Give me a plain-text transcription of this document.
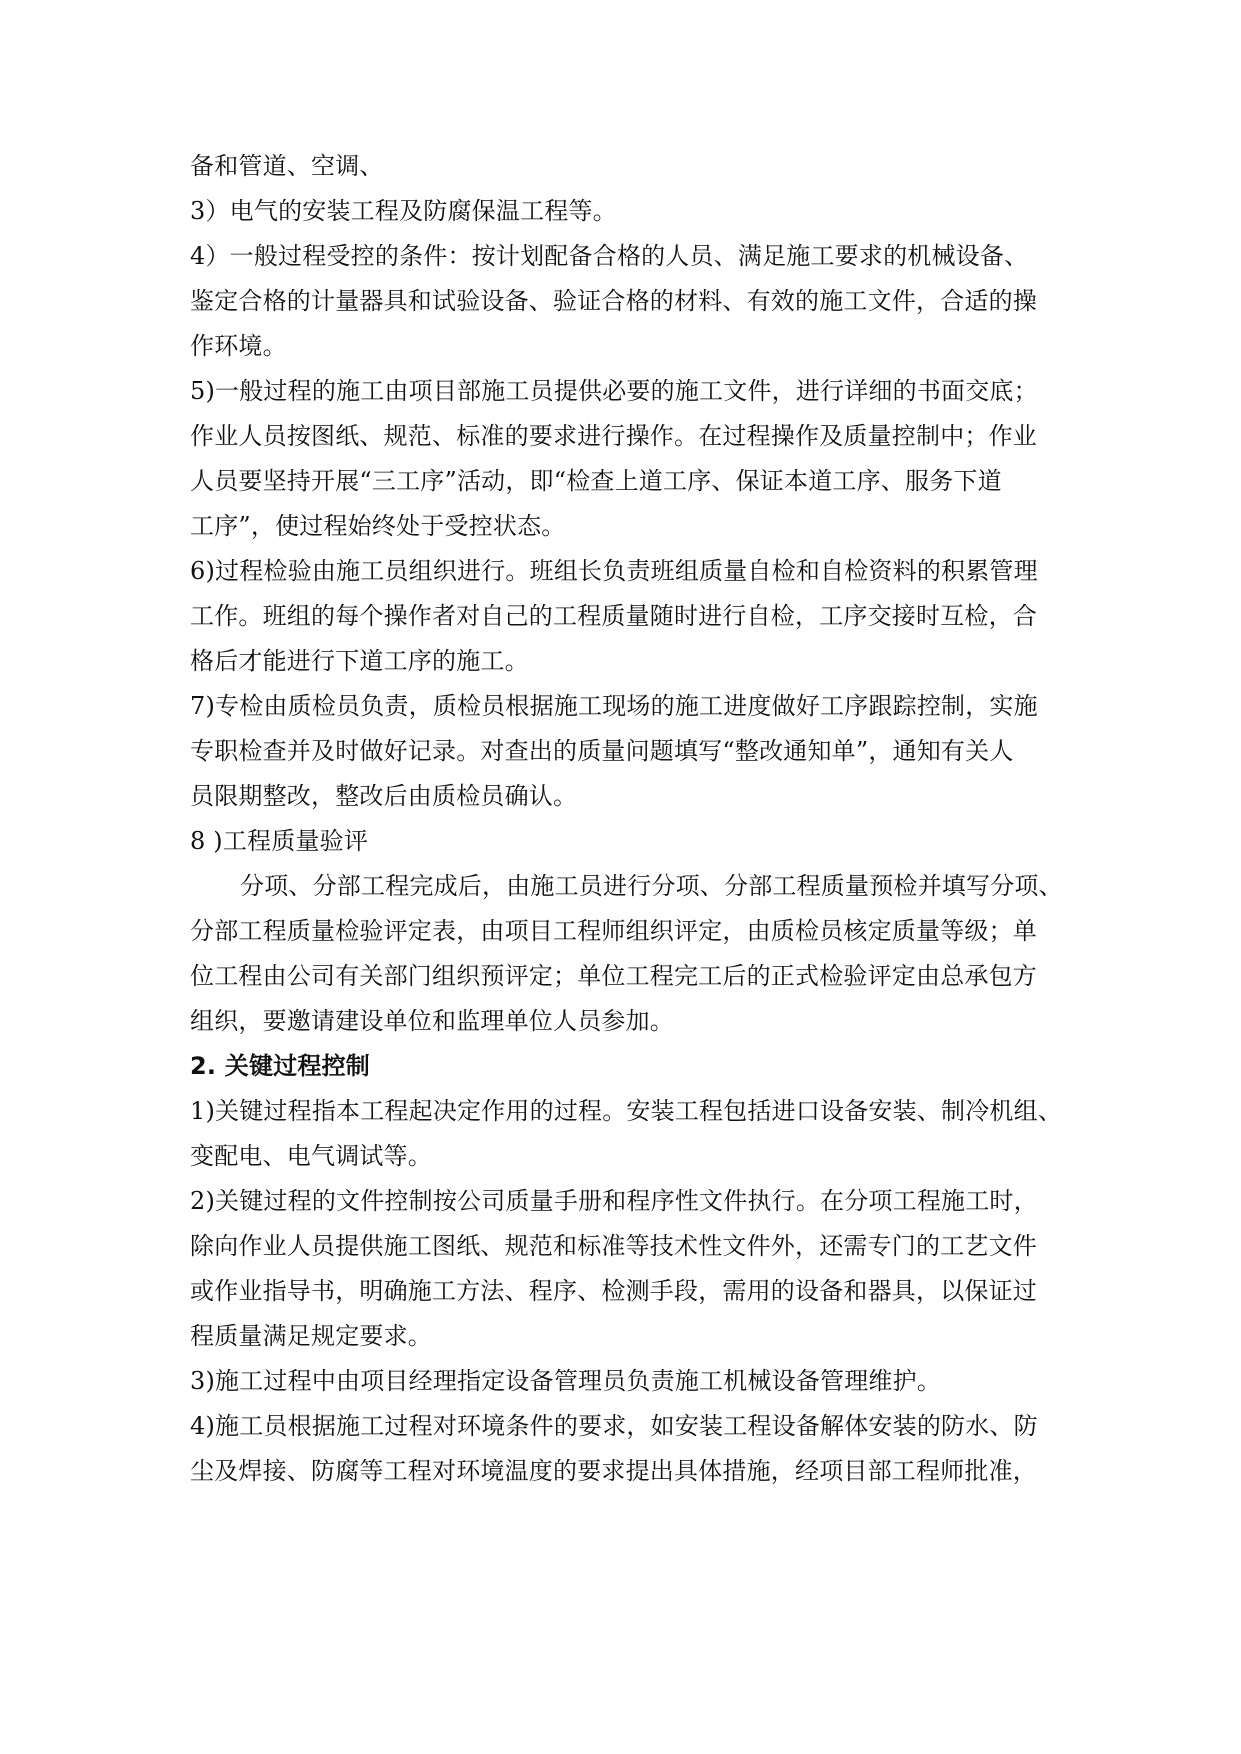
备和管道、空调、
3）电气的安装工程及防腐保温工程等。
4）一般过程受控的条件：按计划配备合格的人员、满足施工要求的机械设备、
鉴定合格的计量器具和试验设备、验证合格的材料、有效的施工文件，合适的操
作环境。
5)一般过程的施工由项目部施工员提供必要的施工文件，进行详细的书面交底；
作业人员按图纸、规范、标准的要求进行操作。在过程操作及质量控制中；作业
人员要坚持开展“三工序”活动，即“检查上道工序、保证本道工序、服务下道
工序”，使过程始终处于受控状态。
6)过程检验由施工员组织进行。班组长负责班组质量自检和自检资料的积累管理
工作。班组的每个操作者对自己的工程质量随时进行自检，工序交接时互检，合
格后才能进行下道工序的施工。
7)专检由质检员负责，质检员根据施工现场的施工进度做好工序跟踪控制，实施
专职检查并及时做好记录。对查出的质量问题填写“整改通知单”，通知有关人
员限期整改，整改后由质检员确认。
8 )工程质量验评
分项、分部工程完成后，由施工员进行分项、分部工程质量预检并填写分项、
分部工程质量检验评定表，由项目工程师组织评定，由质检员核定质量等级；单
位工程由公司有关部门组织预评定；单位工程完工后的正式检验评定由总承包方
组织，要邀请建设单位和监理单位人员参加。
2. 关键过程控制
1)关键过程指本工程起决定作用的过程。安装工程包括进口设备安装、制冷机组、
变配电、电气调试等。
2)关键过程的文件控制按公司质量手册和程序性文件执行。在分项工程施工时，
除向作业人员提供施工图纸、规范和标准等技术性文件外，还需专门的工艺文件
或作业指导书，明确施工方法、程序、检测手段，需用的设备和器具，以保证过
程质量满足规定要求。
3)施工过程中由项目经理指定设备管理员负责施工机械设备管理维护。
4)施工员根据施工过程对环境条件的要求，如安装工程设备解体安装的防水、防
尘及焊接、防腐等工程对环境温度的要求提出具体措施，经项目部工程师批准，
